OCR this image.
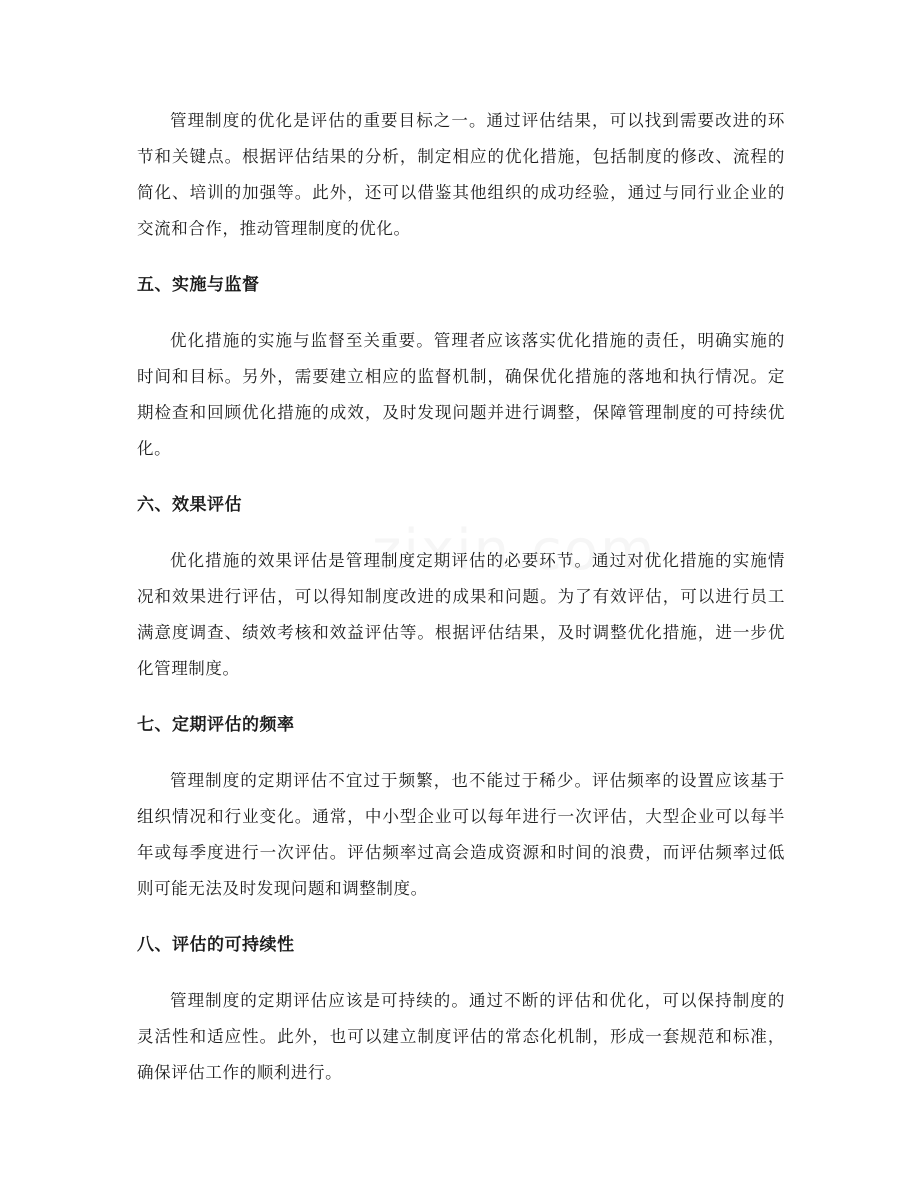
管理制度的优化是评估的重要目标之一。通过评估结果，可以找到需要改进的环节和关键点。根据评估结果的分析，制定相应的优化措施，包括制度的修改、流程的简化、培训的加强等。此外，还可以借鉴其他组织的成功经验，通过与同行业企业的交流和合作，推动管理制度的优化。

五、实施与监督

优化措施的实施与监督至关重要。管理者应该落实优化措施的责任，明确实施的时间和目标。另外，需要建立相应的监督机制，确保优化措施的落地和执行情况。定期检查和回顾优化措施的成效，及时发现问题并进行调整，保障管理制度的可持续优化。

六、效果评估

优化措施的效果评估是管理制度定期评估的必要环节。通过对优化措施的实施情况和效果进行评估，可以得知制度改进的成果和问题。为了有效评估，可以进行员工满意度调查、绩效考核和效益评估等。根据评估结果，及时调整优化措施，进一步优化管理制度。

七、定期评估的频率

管理制度的定期评估不宜过于频繁，也不能过于稀少。评估频率的设置应该基于组织情况和行业变化。通常，中小型企业可以每年进行一次评估，大型企业可以每半年或每季度进行一次评估。评估频率过高会造成资源和时间的浪费，而评估频率过低则可能无法及时发现问题和调整制度。

八、评估的可持续性

管理制度的定期评估应该是可持续的。通过不断的评估和优化，可以保持制度的灵活性和适应性。此外，也可以建立制度评估的常态化机制，形成一套规范和标准，确保评估工作的顺利进行。
